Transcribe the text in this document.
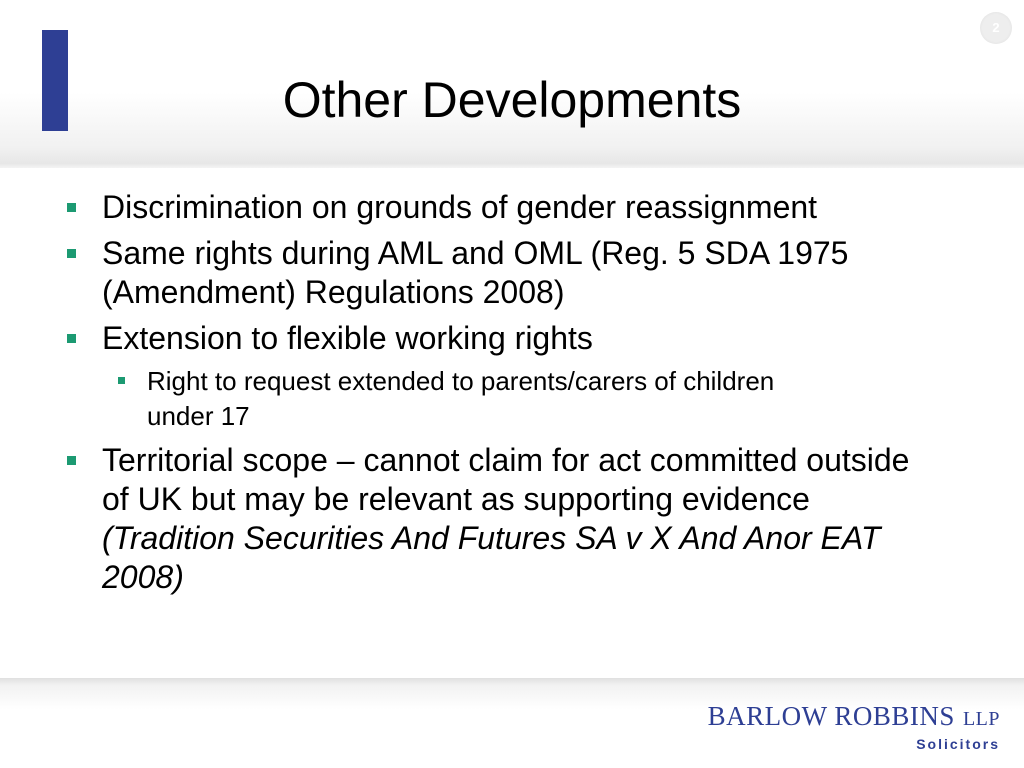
2
Other Developments
Discrimination on grounds of gender reassignment
Same rights during AML and OML (Reg. 5 SDA 1975 (Amendment) Regulations 2008)
Extension to flexible working rights
Right to request extended to parents/carers of children under 17
Territorial scope – cannot claim for act committed outside of UK but may be relevant as supporting evidence (Tradition Securities And Futures SA v X And Anor EAT 2008)
BARLOW ROBBINS LLP
Solicitors
